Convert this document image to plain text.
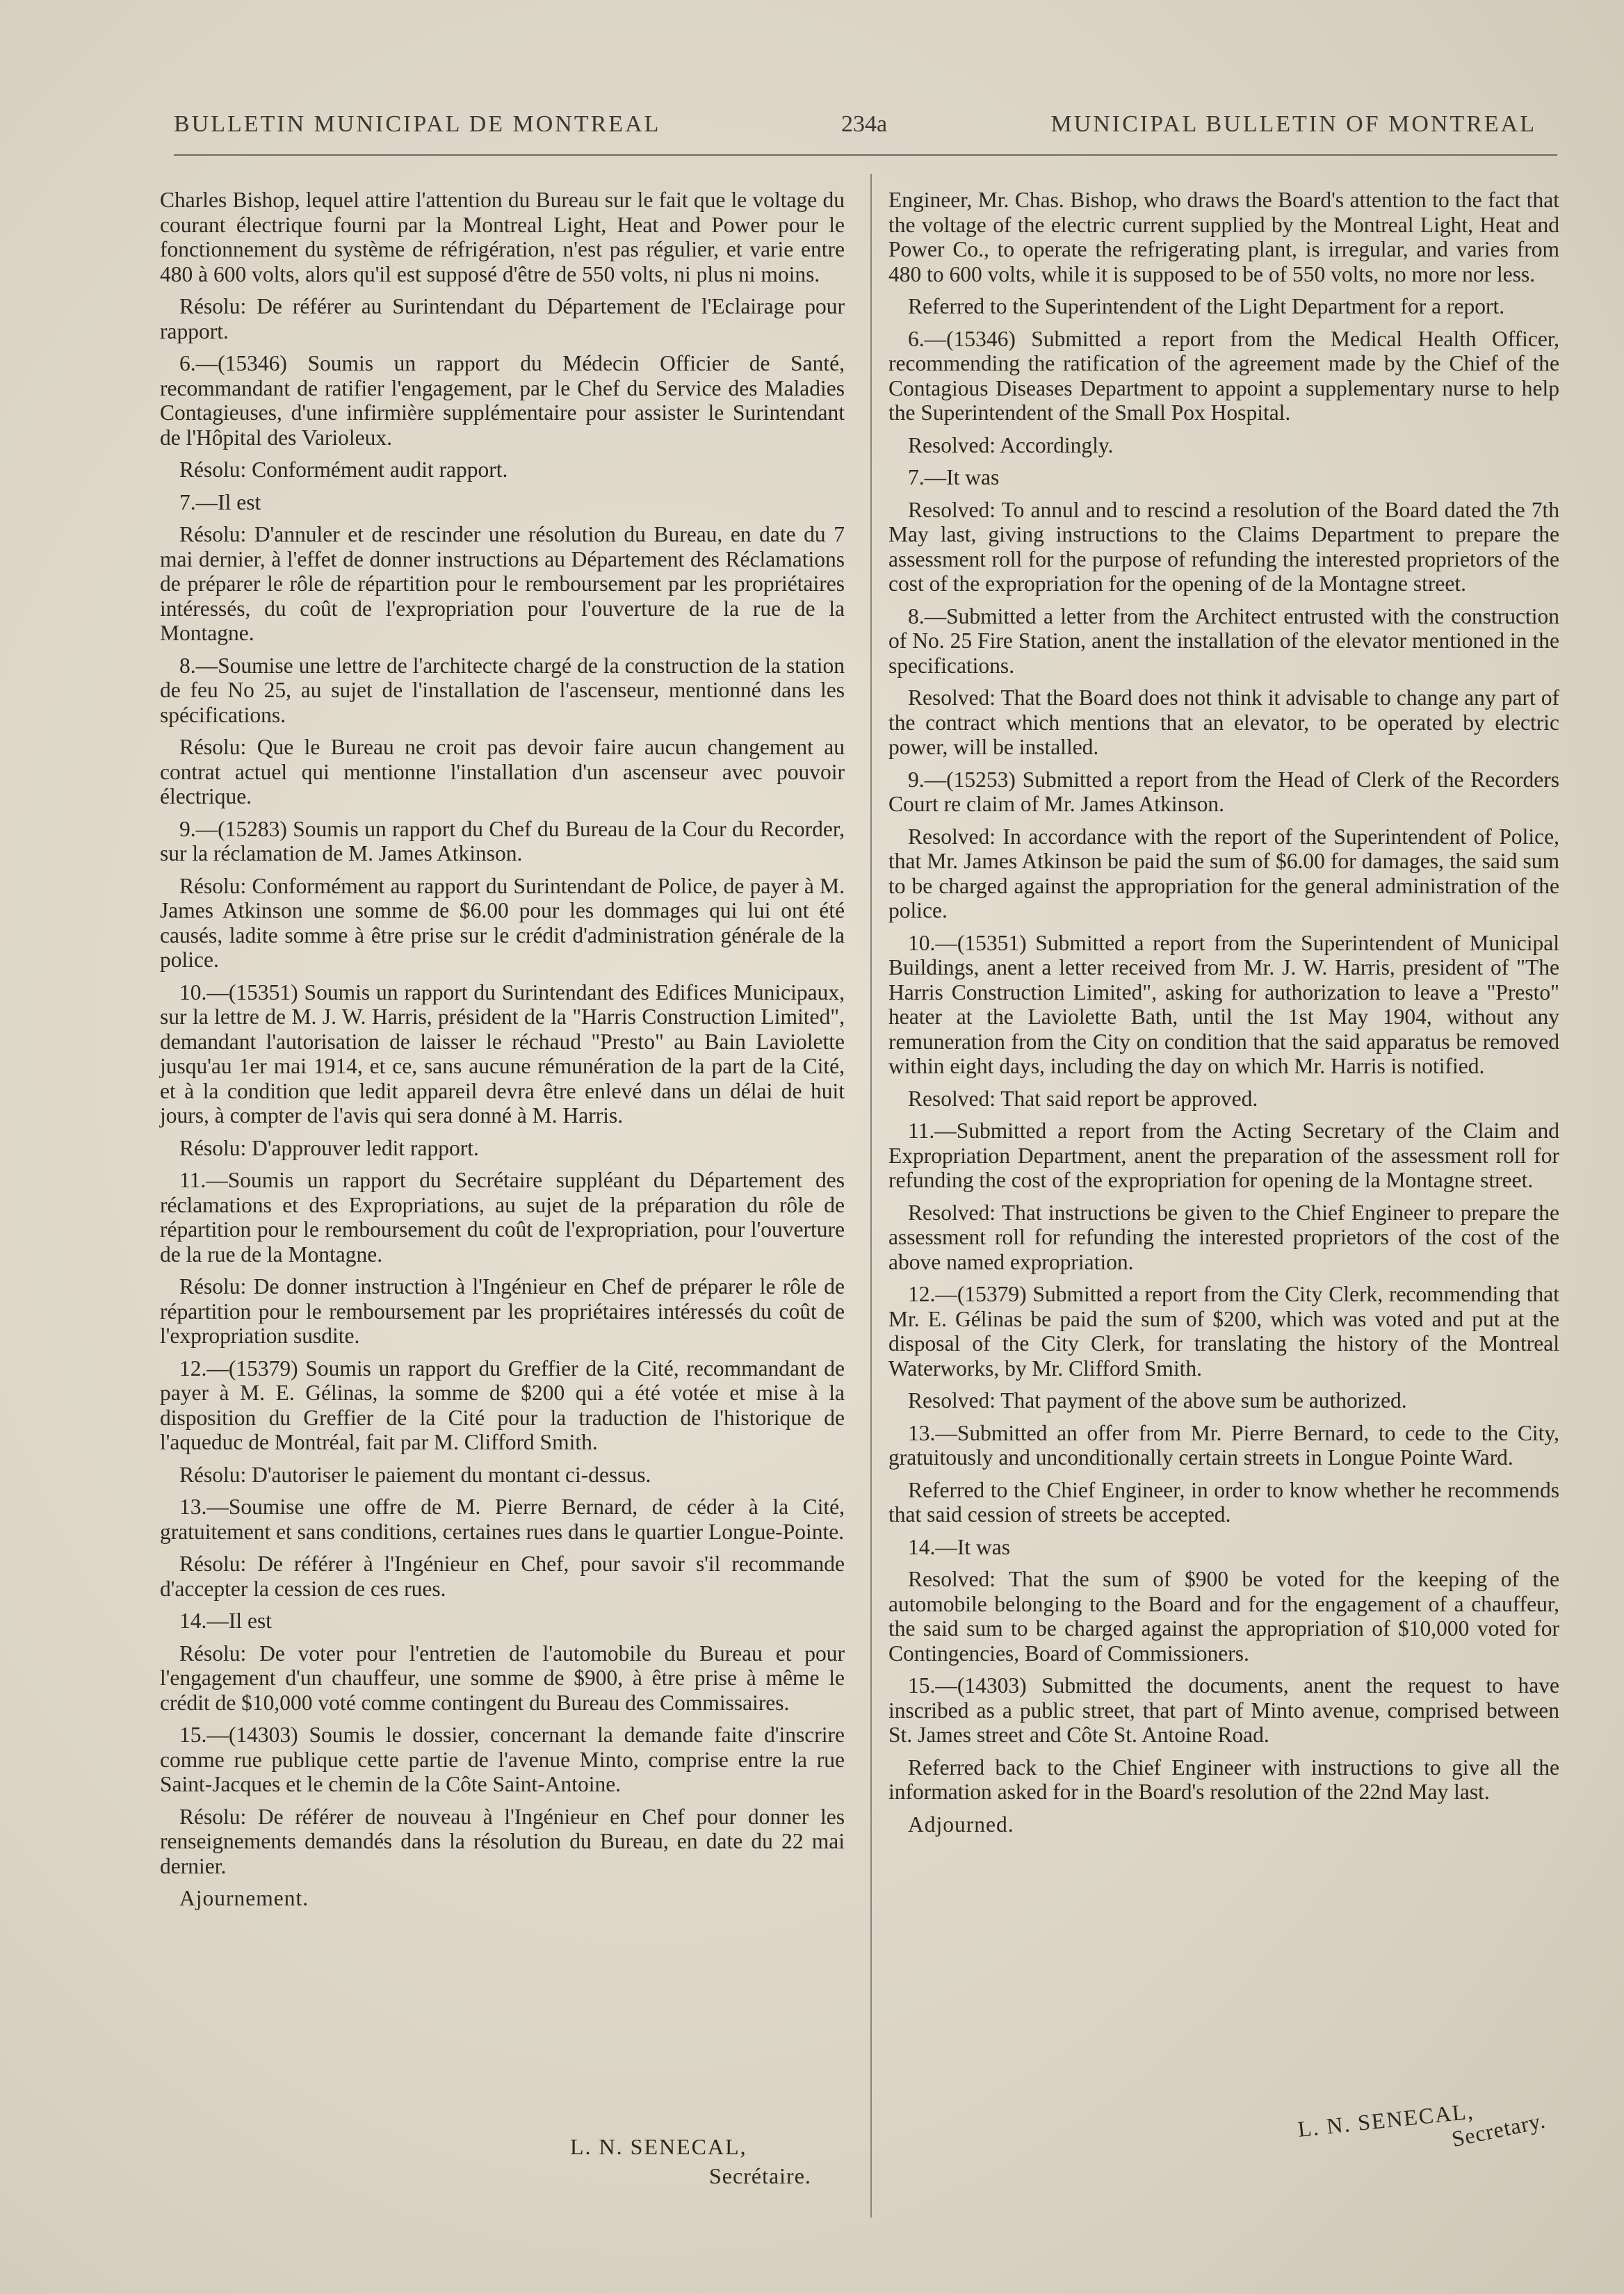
BULLETIN MUNICIPAL DE MONTREAL	234a	MUNICIPAL BULLETIN OF MONTREAL

Charles Bishop, lequel attire l'attention du Bureau sur le fait que le voltage du courant électrique fourni par la Montreal Light, Heat and Power pour le fonctionnement du système de réfrigération, n'est pas régulier, et varie entre 480 à 600 volts, alors qu'il est supposé d'être de 550 volts, ni plus ni moins.

Résolu: De référer au Surintendant du Département de l'Eclairage pour rapport.

6.—(15346) Soumis un rapport du Médecin Officier de Santé, recommandant de ratifier l'engagement, par le Chef du Service des Maladies Contagieuses, d'une infirmière supplémentaire pour assister le Surintendant de l'Hôpital des Varioleux.

Résolu: Conformément audit rapport.

7.—Il est

Résolu: D'annuler et de rescinder une résolution du Bureau, en date du 7 mai dernier, à l'effet de donner instructions au Département des Réclamations de préparer le rôle de répartition pour le remboursement par les propriétaires intéressés, du coût de l'expropriation pour l'ouverture de la rue de la Montagne.

8.—Soumise une lettre de l'architecte chargé de la construction de la station de feu No 25, au sujet de l'installation de l'ascenseur, mentionné dans les spécifications.

Résolu: Que le Bureau ne croit pas devoir faire aucun changement au contrat actuel qui mentionne l'installation d'un ascenseur avec pouvoir électrique.

9.—(15283) Soumis un rapport du Chef du Bureau de la Cour du Recorder, sur la réclamation de M. James Atkinson.

Résolu: Conformément au rapport du Surintendant de Police, de payer à M. James Atkinson une somme de $6.00 pour les dommages qui lui ont été causés, ladite somme à être prise sur le crédit d'administration générale de la police.

10.—(15351) Soumis un rapport du Surintendant des Edifices Municipaux, sur la lettre de M. J. W. Harris, président de la "Harris Construction Limited", demandant l'autorisation de laisser le réchaud "Presto" au Bain Laviolette jusqu'au 1er mai 1914, et ce, sans aucune rémunération de la part de la Cité, et à la condition que ledit appareil devra être enlevé dans un délai de huit jours, à compter de l'avis qui sera donné à M. Harris.

Résolu: D'approuver ledit rapport.

11.—Soumis un rapport du Secrétaire suppléant du Département des réclamations et des Expropriations, au sujet de la préparation du rôle de répartition pour le remboursement du coût de l'expropriation, pour l'ouverture de la rue de la Montagne.

Résolu: De donner instruction à l'Ingénieur en Chef de préparer le rôle de répartition pour le remboursement par les propriétaires intéressés du coût de l'expropriation susdite.

12.—(15379) Soumis un rapport du Greffier de la Cité, recommandant de payer à M. E. Gélinas, la somme de $200 qui a été votée et mise à la disposition du Greffier de la Cité pour la traduction de l'historique de l'aqueduc de Montréal, fait par M. Clifford Smith.

Résolu: D'autoriser le paiement du montant ci-dessus.

13.—Soumise une offre de M. Pierre Bernard, de céder à la Cité, gratuitement et sans conditions, certaines rues dans le quartier Longue-Pointe.

Résolu: De référer à l'Ingénieur en Chef, pour savoir s'il recommande d'accepter la cession de ces rues.

14.—Il est

Résolu: De voter pour l'entretien de l'automobile du Bureau et pour l'engagement d'un chauffeur, une somme de $900, à être prise à même le crédit de $10,000 voté comme contingent du Bureau des Commissaires.

15.—(14303) Soumis le dossier, concernant la demande faite d'inscrire comme rue publique cette partie de l'avenue Minto, comprise entre la rue Saint-Jacques et le chemin de la Côte Saint-Antoine.

Résolu: De référer de nouveau à l'Ingénieur en Chef pour donner les renseignements demandés dans la résolution du Bureau, en date du 22 mai dernier.

Ajournement.

Engineer, Mr. Chas. Bishop, who draws the Board's attention to the fact that the voltage of the electric current supplied by the Montreal Light, Heat and Power Co., to operate the refrigerating plant, is irregular, and varies from 480 to 600 volts, while it is supposed to be of 550 volts, no more nor less.

Referred to the Superintendent of the Light Department for a report.

6.—(15346) Submitted a report from the Medical Health Officer, recommending the ratification of the agreement made by the Chief of the Contagious Diseases Department to appoint a supplementary nurse to help the Superintendent of the Small Pox Hospital.

Resolved: Accordingly.

7.—It was

Resolved: To annul and to rescind a resolution of the Board dated the 7th May last, giving instructions to the Claims Department to prepare the assessment roll for the purpose of refunding the interested proprietors of the cost of the expropriation for the opening of de la Montagne street.

8.—Submitted a letter from the Architect entrusted with the construction of No. 25 Fire Station, anent the installation of the elevator mentioned in the specifications.

Resolved: That the Board does not think it advisable to change any part of the contract which mentions that an elevator, to be operated by electric power, will be installed.

9.—(15253) Submitted a report from the Head of Clerk of the Recorders Court re claim of Mr. James Atkinson.

Resolved: In accordance with the report of the Superintendent of Police, that Mr. James Atkinson be paid the sum of $6.00 for damages, the said sum to be charged against the appropriation for the general administration of the police.

10.—(15351) Submitted a report from the Superintendent of Municipal Buildings, anent a letter received from Mr. J. W. Harris, president of "The Harris Construction Limited", asking for authorization to leave a "Presto" heater at the Laviolette Bath, until the 1st May 1904, without any remuneration from the City on condition that the said apparatus be removed within eight days, including the day on which Mr. Harris is notified.

Resolved: That said report be approved.

11.—Submitted a report from the Acting Secretary of the Claim and Expropriation Department, anent the preparation of the assessment roll for refunding the cost of the expropriation for opening de la Montagne street.

Resolved: That instructions be given to the Chief Engineer to prepare the assessment roll for refunding the interested proprietors of the cost of the above named expropriation.

12.—(15379) Submitted a report from the City Clerk, recommending that Mr. E. Gélinas be paid the sum of $200, which was voted and put at the disposal of the City Clerk, for translating the history of the Montreal Waterworks, by Mr. Clifford Smith.

Resolved: That payment of the above sum be authorized.

13.—Submitted an offer from Mr. Pierre Bernard, to cede to the City, gratuitously and unconditionally certain streets in Longue Pointe Ward.

Referred to the Chief Engineer, in order to know whether he recommends that said cession of streets be accepted.

14.—It was

Resolved: That the sum of $900 be voted for the keeping of the automobile belonging to the Board and for the engagement of a chauffeur, the said sum to be charged against the appropriation of $10,000 voted for Contingencies, Board of Commissioners.

15.—(14303) Submitted the documents, anent the request to have inscribed as a public street, that part of Minto avenue, comprised between St. James street and Côte St. Antoine Road.

Referred back to the Chief Engineer with instructions to give all the information asked for in the Board's resolution of the 22nd May last.

Adjourned.

L. N. SENECAL,
Secrétaire.
L. N. SENECAL,
Secretary.
